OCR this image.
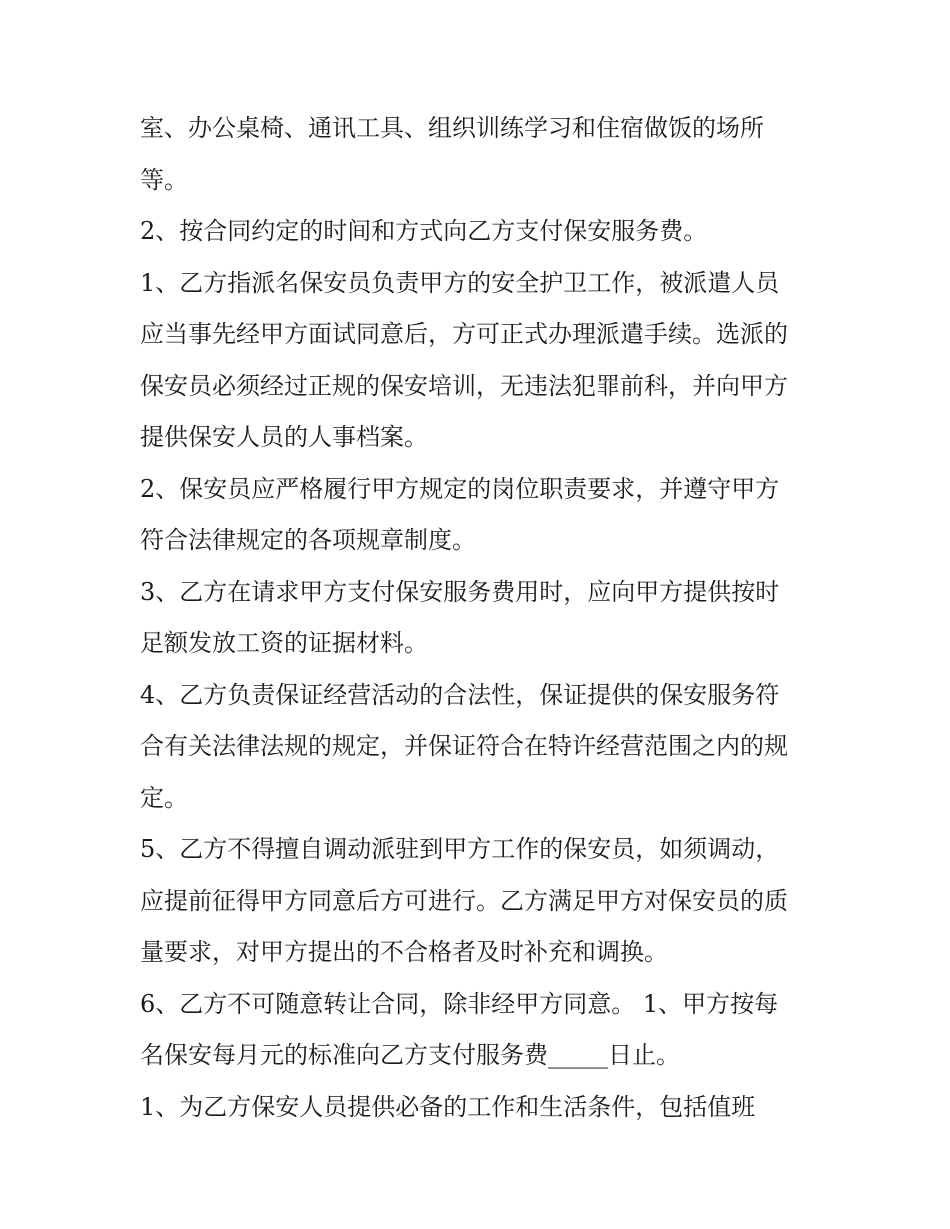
室、办公桌椅、通讯工具、组织训练学习和住宿做饭的场所
等。
2、按合同约定的时间和方式向乙方支付保安服务费。
1、乙方指派名保安员负责甲方的安全护卫工作，被派遣人员
应当事先经甲方面试同意后，方可正式办理派遣手续。选派的
保安员必须经过正规的保安培训，无违法犯罪前科，并向甲方
提供保安人员的人事档案。
2、保安员应严格履行甲方规定的岗位职责要求，并遵守甲方
符合法律规定的各项规章制度。
3、乙方在请求甲方支付保安服务费用时，应向甲方提供按时
足额发放工资的证据材料。
4、乙方负责保证经营活动的合法性，保证提供的保安服务符
合有关法律法规的规定，并保证符合在特许经营范围之内的规
定。
5、乙方不得擅自调动派驻到甲方工作的保安员，如须调动，
应提前征得甲方同意后方可进行。乙方满足甲方对保安员的质
量要求，对甲方提出的不合格者及时补充和调换。
6、乙方不可随意转让合同，除非经甲方同意。 1、甲方按每
名保安每月元的标准向乙方支付服务费_____日止。
1、为乙方保安人员提供必备的工作和生活条件，包括值班
